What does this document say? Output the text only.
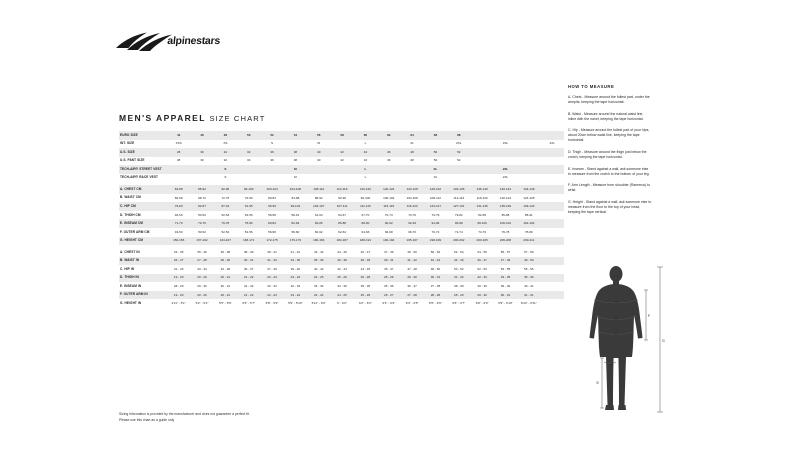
alpinestars
MEN'S APPAREL SIZE CHART
EURO SIZE	44	46	48	50	52	54	56	58	60	62	64	66	68				
INT. SIZE	XXS		XS		S		M		L		XL		2XL		3XL		4XL
U.S. SIZE	28	30	32	34	36	38	40	42	44	46	48	50	52				
U.S. PANT SIZE	28	30	32	34	36	38	40	42	44	46	48	50	52				
TECH-AIR® STREET VEST			S			M			L			XL			2XL		
TECH-AIR® RACE VEST			S			M			L			XL			2XL		

A. CHEST CM	84-88	88-92	92-96	96-100	100-104	104-108	108-112	112-116	116-120	120-124	124-128	128-132	132-136	136-140	140-144	144-148	
B. WAIST CM	66-68	68-72	72-76	76-80	80-84	84-88	88-92	92-96	96-100	100-104	104-108	108-112	112-116	116-120	120-124	124-128	
C. HIP CM	79-83	83-87	87-91	91-95	95-99	99-103	103-107	107-111	111-115	115-119	119-123	123-127	127-131	131-135	135-139	139-143	
D. THIGH CM	48-50	50-52	52-54	54-56	56-58	58-61	61-64	64-67	67-70	70-73	73-76	76-79	79-82	82-85	85-88	88-91	
E. INSEAM CM	71-73	73-76	76-78	78-80	80-82	82-84	84-86	86-88	88-90	90-92	92-94	94-96	96-98	98-100	100-102	102-104	
F. OUTER ARM CM	49-50	50-52	52-54	54-56	56-58	58-60	60-62	62-64	64-66	66-68	68-70	70-72	72-74	74-76	76-78	78-80	
G. HEIGHT CM	150-156	157-162	164-167	168-171	172-175	176-179	180-183	184-187	188-191	192-194	195-197	198-199	200-202	203-205	206-208	209-211	

A. CHEST IN	33 - 35	35 - 36	36 - 38	38 - 39	39 - 41	41 - 42	42 - 44	44 - 46	46 - 47	47 - 49	49 - 50	50 - 52	52 - 54	54 - 55	55 - 57	57 - 58	
B. WAIST IN	26 - 27	27 - 28	28 - 30	30 - 31	31 - 33	33 - 35	35 - 36	36 - 38	38 - 39	39 - 41	41 - 42	42 - 44	44 - 46	46 - 47	47 - 49	49 - 50	
C. HIP IN	31 - 33	33 - 34	34 - 36	36 - 37	37 - 39	39 - 40	40 - 42	42 - 44	44 - 45	45 - 47	47 - 48	48 - 50	50 - 52	52 - 53	53 - 55	55 - 56	
D. THIGH IN	19 - 20	20 - 20	20 - 21	21 - 22	22 - 23	23 - 24	24 - 25	25 - 26	26 - 28	28 - 29	29 - 30	30 - 31	31 - 32	32 - 33	33 - 35	35 - 36	
E. INSEAM IN	28 - 29	29 - 30	30 - 31	31 - 32	32 - 32	32 - 33	33 - 34	34 - 35	35 - 35	35 - 36	36 - 37	37 - 38	38 - 39	39 - 39	39 - 40	40 - 41	
F. OUTER ARM IN	19 - 20	20 - 20	20 - 21	21 - 22	22 - 23	23 - 24	24 - 24	24 - 25	25 - 26	26 - 27	27 - 28	28 - 28	28 - 29	29 - 30	30 - 31	31 - 31	
G. HEIGHT IN	4'11" - 5'1"	5'2" - 5'4"	5'5" - 5'6"	5'6" - 5'7"	5'8" - 5'9"	5'9" - 5'10"	5'11" - 6'0"	6' - 6'2"	6'2" - 6'3"	6'3" - 6'4"	6'4" - 6'5"	6'5" - 6'6"	6'6" - 6'7"	6'8" - 6'9"	6'9" - 6'10"	6'10" - 6'11"	
HOW TO MEASURE

A. Chest - Measure around the fullest part, under the armpits, keeping the tape horizontal.

B. Waist - Measure around the natural waist line, inline with the navel, keeping the tape horizontal.

C. Hip - Measure around the fullest part of your hips, about 20cm below waist line, keeping the tape horizontal.

D. Thigh - Measure around the thigh just below the crotch, keeping the tape horizontal.

E. Inseam - Stand against a wall, ask someone else to measure from the crotch to the bottom of your leg.

F. Arm Length - Measure from shoulder (Ramerus) to wrist.

G. Height - Stand against a wall, ask someone else to measure from the floor to the top of your head, keeping the tape vertical.

A
B
C
D
E
F
G
Sizing information is provided by the manufacturer and does not guarantee a perfect fit.
Please use this chart as a guide only
